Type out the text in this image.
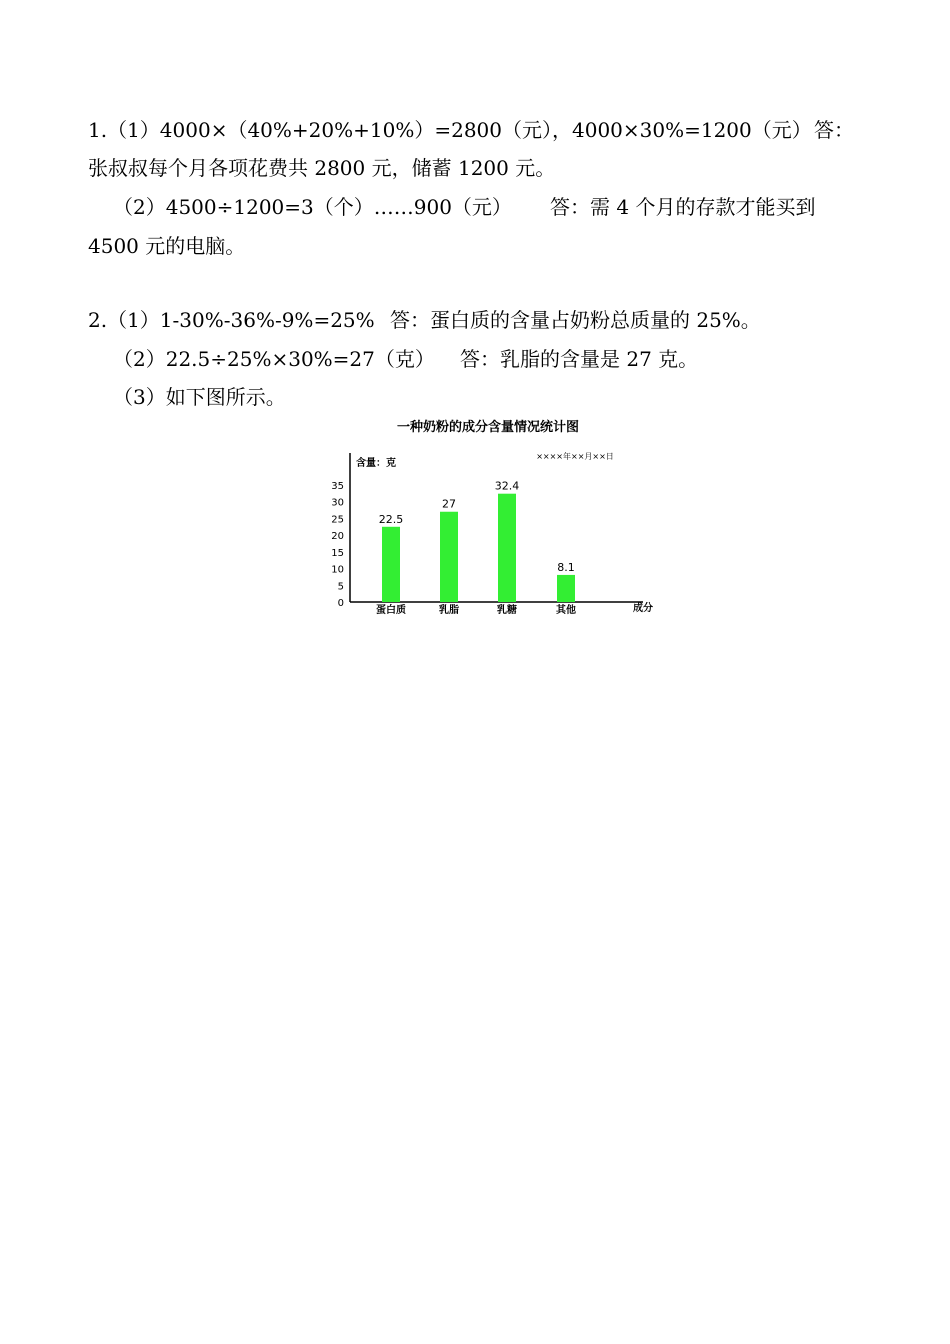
1.（1）4000×（40%+20%+10%）=2800（元），4000×30%=1200（元） 答：
张叔叔每个月各项花费共 2800 元，储蓄 1200 元。
（2）4500÷1200=3（个）……900（元） 答：需 4 个月的存款才能买到
4500 元的电脑。
2.（1）1-30%-36%-9%=25% 答：蛋白质的含量占奶粉总质量的 25%。
（2）22.5÷25%×30%=27（克） 答：乳脂的含量是 27 克。
（3）如下图所示。
一种奶粉的成分含量情况统计图
××××年××月××日
含量：克
0
5
10
15
20
25
30
35
22.5
蛋白质
27
乳脂
32.4
乳糖
8.1
其他	成分
